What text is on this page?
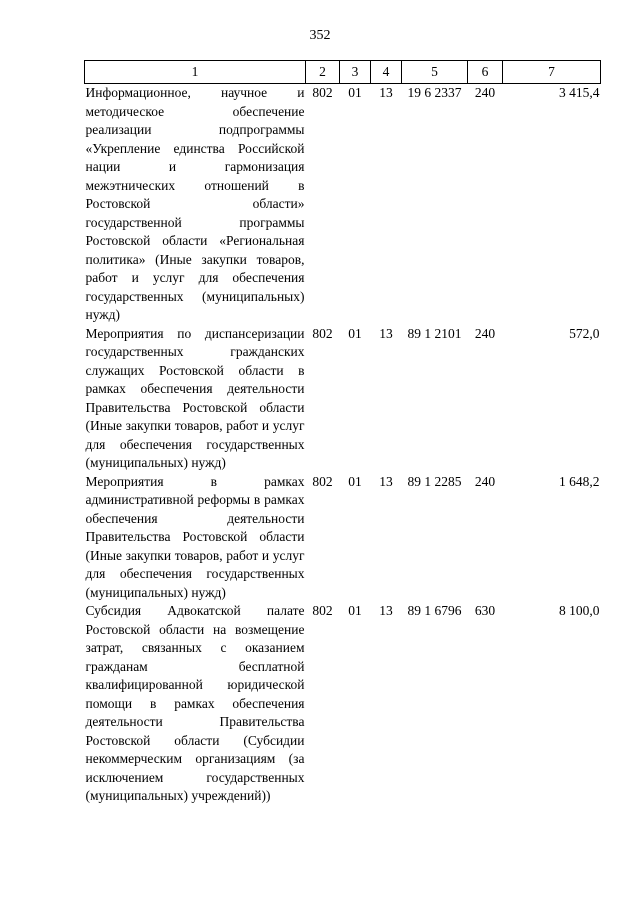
352
1	2	3	4	5	6	7
Информационное, научное и методическое обеспечение реализации подпрограммы «Укрепление единства Российской нации и гармонизация межэтнических отношений в Ростовской области» государственной программы Ростовской области «Региональная политика» (Иные закупки товаров, работ и услуг для обеспечения государственных (муниципальных) нужд)	802	01	13	19 6 2337	240	3 415,4
Мероприятия по диспансеризации государственных гражданских служащих Ростовской области в рамках обеспечения деятельности Правительства Ростовской области (Иные закупки товаров, работ и услуг для обеспечения государственных (муниципальных) нужд)	802	01	13	89 1 2101	240	572,0
Мероприятия в рамках административной реформы в рамках обеспечения деятельности Правительства Ростовской области (Иные закупки товаров, работ и услуг для обеспечения государственных (муниципальных) нужд)	802	01	13	89 1 2285	240	1 648,2
Субсидия Адвокатской палате Ростовской области на возмещение затрат, связанных с оказанием гражданам бесплатной квалифицированной юридической помощи в рамках обеспечения деятельности Правительства Ростовской области (Субсидии некоммерческим организациям (за исключением государственных (муниципальных) учреждений))	802	01	13	89 1 6796	630	8 100,0
